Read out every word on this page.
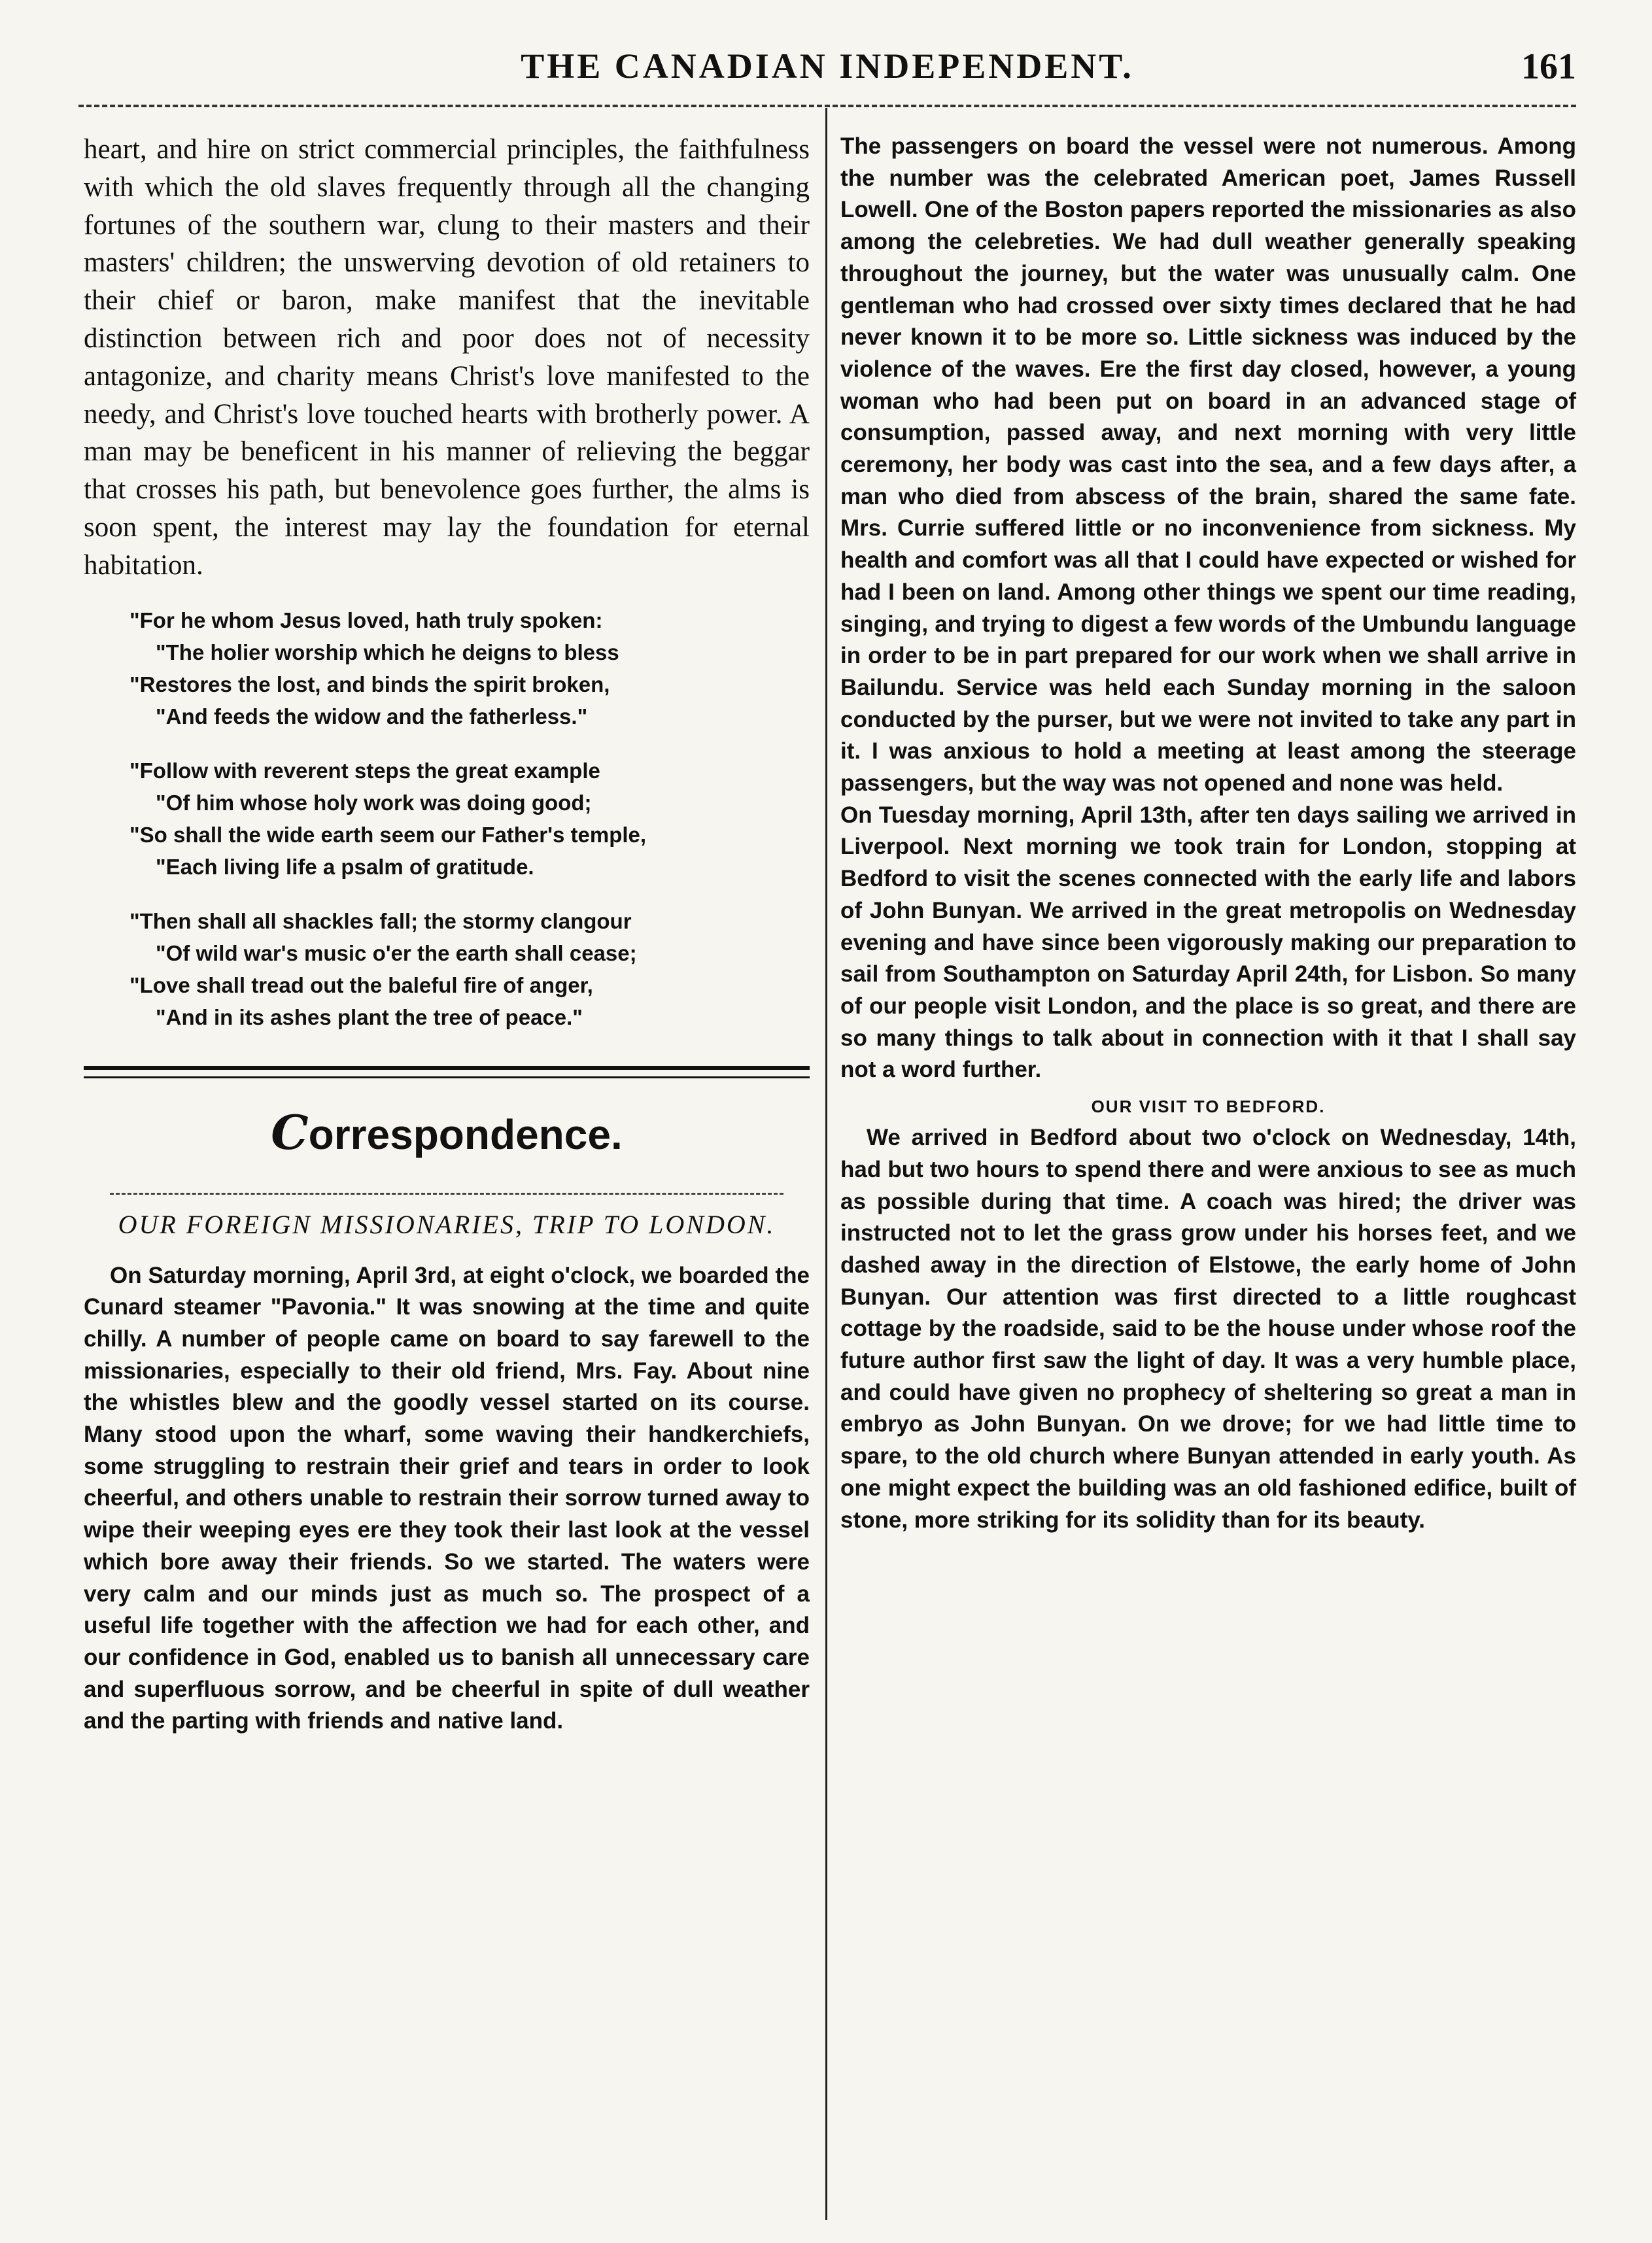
THE CANADIAN INDEPENDENT.	161

heart, and hire on strict commercial principles, the faithfulness with which the old slaves frequently through all the changing fortunes of the southern war, clung to their masters and their masters' children; the unswerving devotion of old retainers to their chief or baron, make manifest that the inevitable distinction between rich and poor does not of necessity antagonize, and charity means Christ's love manifested to the needy, and Christ's love touched hearts with brotherly power. A man may be beneficent in his manner of relieving the beggar that crosses his path, but benevolence goes further, the alms is soon spent, the interest may lay the foundation for eternal habitation.

"For he whom Jesus loved, hath truly spoken:
"The holier worship which he deigns to bless
"Restores the lost, and binds the spirit broken,
"And feeds the widow and the fatherless."
"Follow with reverent steps the great example
"Of him whose holy work was doing good;
"So shall the wide earth seem our Father's temple,
"Each living life a psalm of gratitude.
"Then shall all shackles fall; the stormy clangour
"Of wild war's music o'er the earth shall cease;
"Love shall tread out the baleful fire of anger,
"And in its ashes plant the tree of peace."
Correspondence.
OUR FOREIGN MISSIONARIES, TRIP TO LONDON.

On Saturday morning, April 3rd, at eight o'clock, we boarded the Cunard steamer "Pavonia." It was snowing at the time and quite chilly. A number of people came on board to say farewell to the missionaries, especially to their old friend, Mrs. Fay. About nine the whistles blew and the goodly vessel started on its course. Many stood upon the wharf, some waving their handkerchiefs, some struggling to restrain their grief and tears in order to look cheerful, and others unable to restrain their sorrow turned away to wipe their weeping eyes ere they took their last look at the vessel which bore away their friends. So we started. The waters were very calm and our minds just as much so. The prospect of a useful life together with the affection we had for each other, and our confidence in God, enabled us to banish all unnecessary care and superfluous sorrow, and be cheerful in spite of dull weather and the parting with friends and native land.

The passengers on board the vessel were not numerous. Among the number was the celebrated American poet, James Russell Lowell. One of the Boston papers reported the missionaries as also among the celebreties. We had dull weather generally speaking throughout the journey, but the water was unusually calm. One gentleman who had crossed over sixty times declared that he had never known it to be more so. Little sickness was induced by the violence of the waves. Ere the first day closed, however, a young woman who had been put on board in an advanced stage of consumption, passed away, and next morning with very little ceremony, her body was cast into the sea, and a few days after, a man who died from abscess of the brain, shared the same fate. Mrs. Currie suffered little or no inconvenience from sickness. My health and comfort was all that I could have expected or wished for had I been on land. Among other things we spent our time reading, singing, and trying to digest a few words of the Umbundu language in order to be in part prepared for our work when we shall arrive in Bailundu. Service was held each Sunday morning in the saloon conducted by the purser, but we were not invited to take any part in it. I was anxious to hold a meeting at least among the steerage passengers, but the way was not opened and none was held.

On Tuesday morning, April 13th, after ten days sailing we arrived in Liverpool. Next morning we took train for London, stopping at Bedford to visit the scenes connected with the early life and labors of John Bunyan. We arrived in the great metropolis on Wednesday evening and have since been vigorously making our preparation to sail from Southampton on Saturday April 24th, for Lisbon. So many of our people visit London, and the place is so great, and there are so many things to talk about in connection with it that I shall say not a word further.

OUR VISIT TO BEDFORD.

We arrived in Bedford about two o'clock on Wednesday, 14th, had but two hours to spend there and were anxious to see as much as possible during that time. A coach was hired; the driver was instructed not to let the grass grow under his horses feet, and we dashed away in the direction of Elstowe, the early home of John Bunyan. Our attention was first directed to a little roughcast cottage by the roadside, said to be the house under whose roof the future author first saw the light of day. It was a very humble place, and could have given no prophecy of sheltering so great a man in embryo as John Bunyan. On we drove; for we had little time to spare, to the old church where Bunyan attended in early youth. As one might expect the building was an old fashioned edifice, built of stone, more striking for its solidity than for its beauty.
